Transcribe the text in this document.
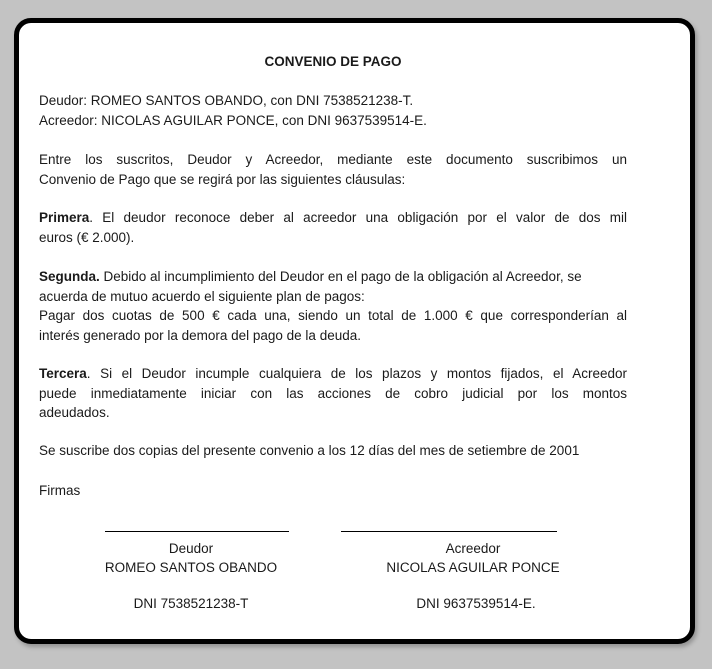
CONVENIO DE PAGO
Deudor: ROMEO SANTOS OBANDO, con DNI 7538521238-T.
Acreedor: NICOLAS AGUILAR PONCE, con DNI 9637539514-E.
Entre los suscritos, Deudor y Acreedor, mediante este documento suscribimos un
Convenio de Pago que se regirá por las siguientes cláusulas:
Primera. El deudor reconoce deber al acreedor una obligación por el valor de dos mil
euros (€ 2.000).
Segunda. Debido al incumplimiento del Deudor en el pago de la obligación al Acreedor, se
acuerda de mutuo acuerdo el siguiente plan de pagos:
Pagar dos cuotas de 500 € cada una, siendo un total de 1.000 € que corresponderían al
interés generado por la demora del pago de la deuda.
Tercera. Si el Deudor incumple cualquiera de los plazos y montos fijados, el Acreedor
puede inmediatamente iniciar con las acciones de cobro judicial por los montos
adeudados.
Se suscribe dos copias del presente convenio a los 12 días del mes de setiembre de 2001
Firmas
Deudor
ROMEO SANTOS OBANDO
DNI 7538521238-T
Acreedor
NICOLAS AGUILAR PONCE
DNI 9637539514-E.
